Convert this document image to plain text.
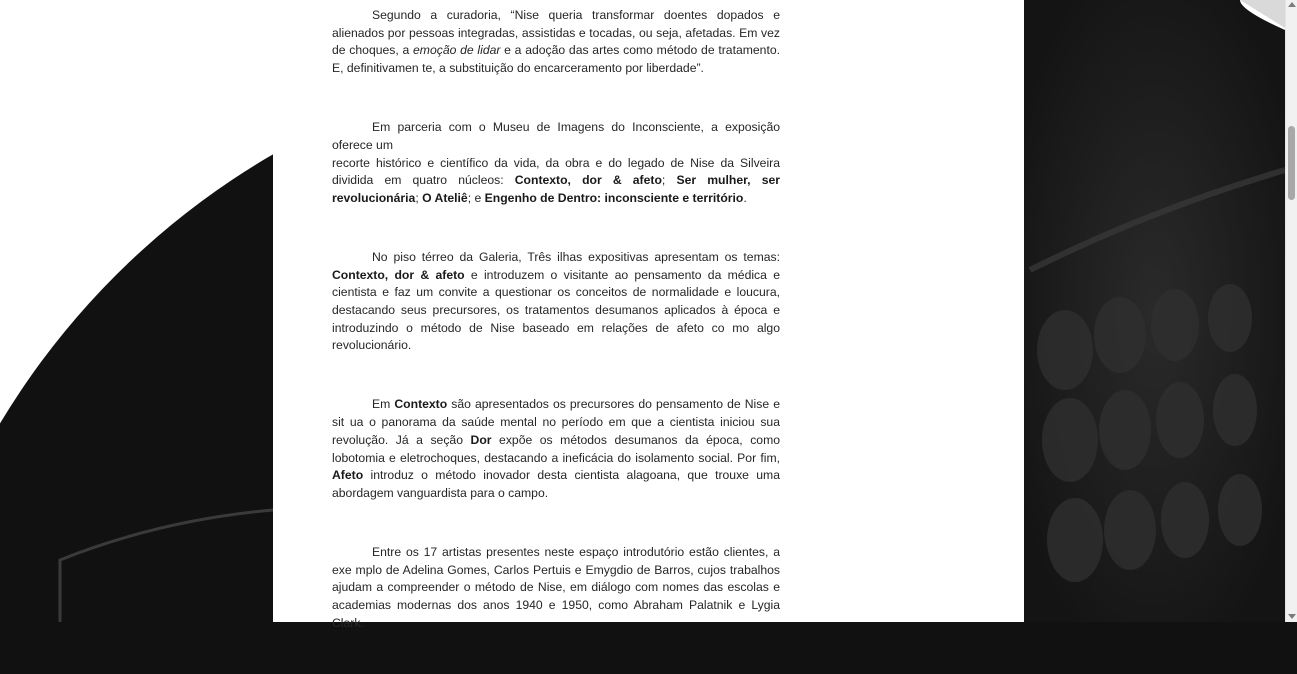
Segundo a curadoria, “Nise queria transformar doentes dopados e alienados por pessoas integradas, assistidas e tocadas, ou seja, afetadas. Em vez de choques, a emoção de lidar e a adoção das artes como método de tratamento. E, definitivamen te, a substituição do encarceramento por liberdade”.

Em parceria com o Museu de Imagens do Inconsciente, a exposição oferece um
recorte histórico e científico da vida, da obra e do legado de Nise da Silveira dividida em quatro núcleos: Contexto, dor & afeto; Ser mulher, ser revolucionária; O Ateliê; e Engenho de Dentro: inconsciente e território.

No piso térreo da Galeria, Três ilhas expositivas apresentam os temas: Contexto, dor & afeto e introduzem o visitante ao pensamento da médica e cientista e faz um convite a questionar os conceitos de normalidade e loucura, destacando seus precursores, os tratamentos desumanos aplicados à época e introduzindo o método de Nise baseado em relações de afeto co mo algo revolucionário.

Em Contexto são apresentados os precursores do pensamento de Nise e sit ua o panorama da saúde mental no período em que a cientista iniciou sua revolução. Já a seção Dor expõe os métodos desumanos da época, como lobotomia e eletrochoques, destacando a ineficácia do isolamento social. Por fim, Afeto introduz o método inovador desta cientista alagoana, que trouxe uma abordagem vanguardista para o campo.

Entre os 17 artistas presentes neste espaço introdutório estão clientes, a exe mplo de Adelina Gomes, Carlos Pertuis e Emygdio de Barros, cujos trabalhos ajudam a compreender o método de Nise, em diálogo com nomes das escolas e academias modernas dos anos 1940 e 1950, como Abraham Palatnik e Lygia Clark.
